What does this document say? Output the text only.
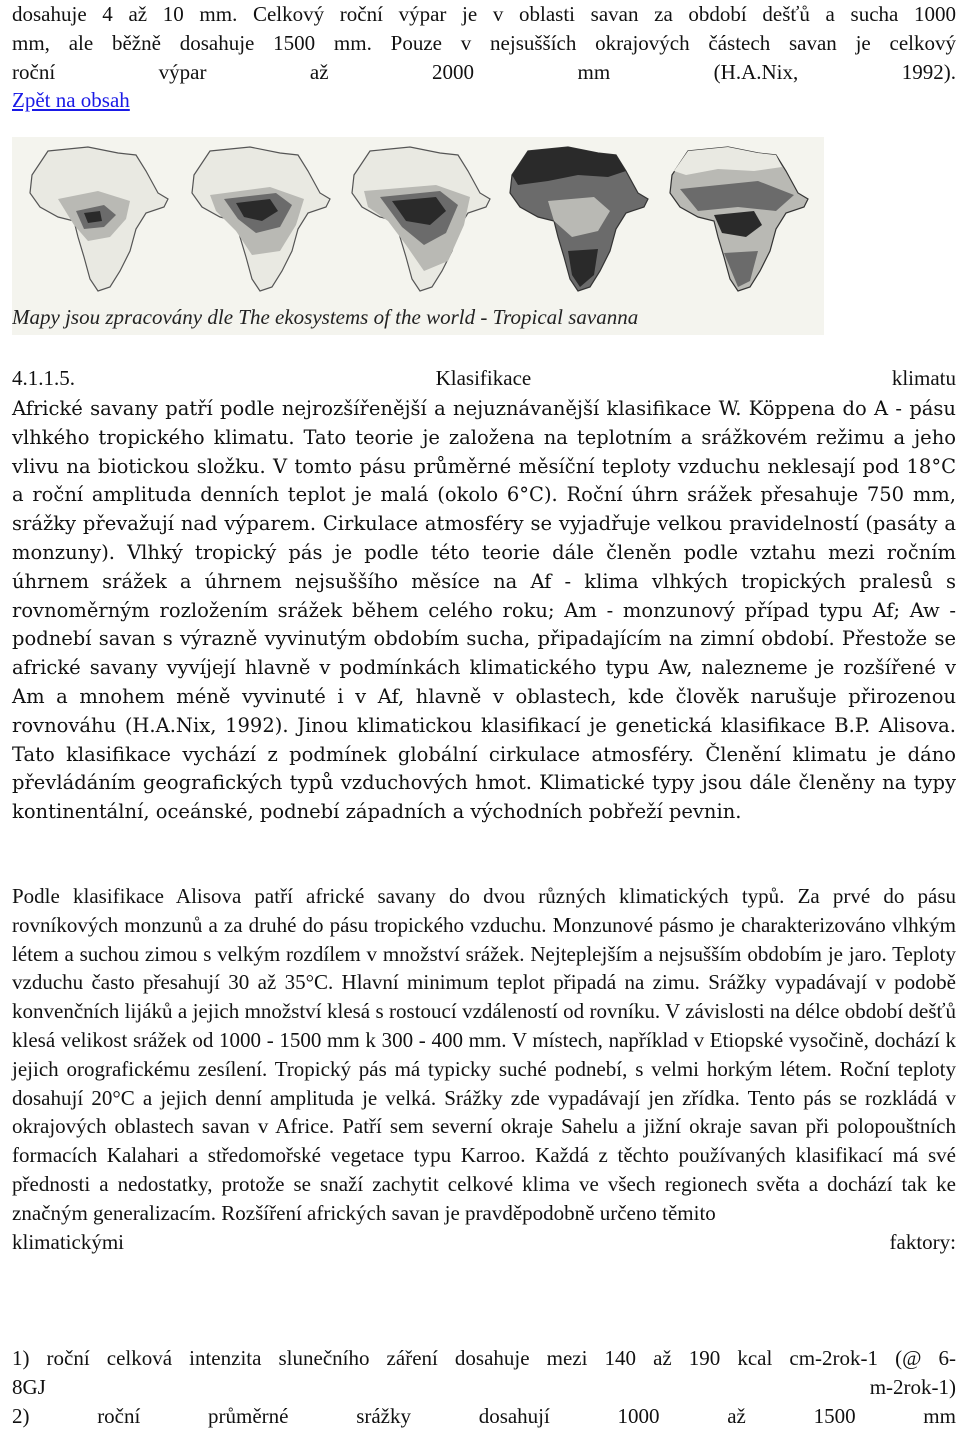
dosahuje 4 až 10 mm. Celkový roční výpar je v oblasti savan za období dešťů a sucha 1000
mm, ale běžně dosahuje 1500 mm. Pouze v nejsušších okrajových částech savan je celkový
roční	výpar	až	2000	mm	(H.A.Nix,	1992).
Zpět na obsah
Mapy jsou zpracovány dle The ekosystems of the world - Tropical savanna
4.1.1.5.	Klasifikace	klimatu

Africké savany patří podle nejrozšířenější a nejuznávanější klasifikace W. Köppena do A - pásu vlhkého tropického klimatu. Tato teorie je založena na teplotním a srážkovém režimu a jeho vlivu na biotickou složku. V tomto pásu průměrné měsíční teploty vzduchu neklesají pod 18°C a roční amplituda denních teplot je malá (okolo 6°C). Roční úhrn srážek přesahuje 750 mm, srážky převažují nad výparem. Cirkulace atmosféry se vyjadřuje velkou pravidelností (pasáty a monzuny). Vlhký tropický pás je podle této teorie dále členěn podle vztahu mezi ročním úhrnem srážek a úhrnem nejsuššího měsíce na Af - klima vlhkých tropických pralesů s rovnoměrným rozložením srážek během celého roku; Am - monzunový případ typu Af; Aw - podnebí savan s výrazně vyvinutým obdobím sucha, připadajícím na zimní období. Přestože se africké savany vyvíjejí hlavně v podmínkách klimatického typu Aw, nalezneme je rozšířené v Am a mnohem méně vyvinuté i v Af, hlavně v oblastech, kde člověk narušuje přirozenou rovnováhu (H.A.Nix, 1992). Jinou klimatickou klasifikací je genetická klasifikace B.P. Alisova. Tato klasifikace vychází z podmínek globální cirkulace atmosféry. Členění klimatu je dáno převládáním geografických typů vzduchových hmot. Klimatické typy jsou dále členěny na typy kontinentální, oceánské, podnebí západních a východních pobřeží pevnin.

Podle klasifikace Alisova patří africké savany do dvou různých klimatických typů. Za prvé do pásu rovníkových monzunů a za druhé do pásu tropického vzduchu. Monzunové pásmo je charakterizováno vlhkým létem a suchou zimou s velkým rozdílem v množství srážek. Nejteplejším a nejsušším obdobím je jaro. Teploty vzduchu často přesahují 30 až 35°C. Hlavní minimum teplot připadá na zimu. Srážky vypadávají v podobě konvenčních lijáků a jejich množství klesá s rostoucí vzdáleností od rovníku. V závislosti na délce období dešťů klesá velikost srážek od 1000 - 1500 mm k 300 - 400 mm. V místech, například v Etiopské vysočině, dochází k jejich orografickému zesílení. Tropický pás má typicky suché podnebí, s velmi horkým létem. Roční teploty dosahují 20°C a jejich denní amplituda je velká. Srážky zde vypadávají jen zřídka. Tento pás se rozkládá v okrajových oblastech savan v Africe. Patří sem severní okraje Sahelu a jižní okraje savan při polopouštních formacích Kalahari a středomořské vegetace typu Karroo. Každá z těchto používaných klasifikací má své přednosti a nedostatky, protože se snaží zachytit celkové klima ve všech regionech světa a dochází tak ke značným generalizacím. Rozšíření afrických savan je pravděpodobně určeno těmito

klimatickými	faktory:
1) roční celková intenzita slunečního záření dosahuje mezi 140 až 190 kcal cm-2rok-1 (@ 6-
8GJ	m-2rok-1)
2)	roční	průměrné	srážky	dosahují	1000	až	1500	mm
